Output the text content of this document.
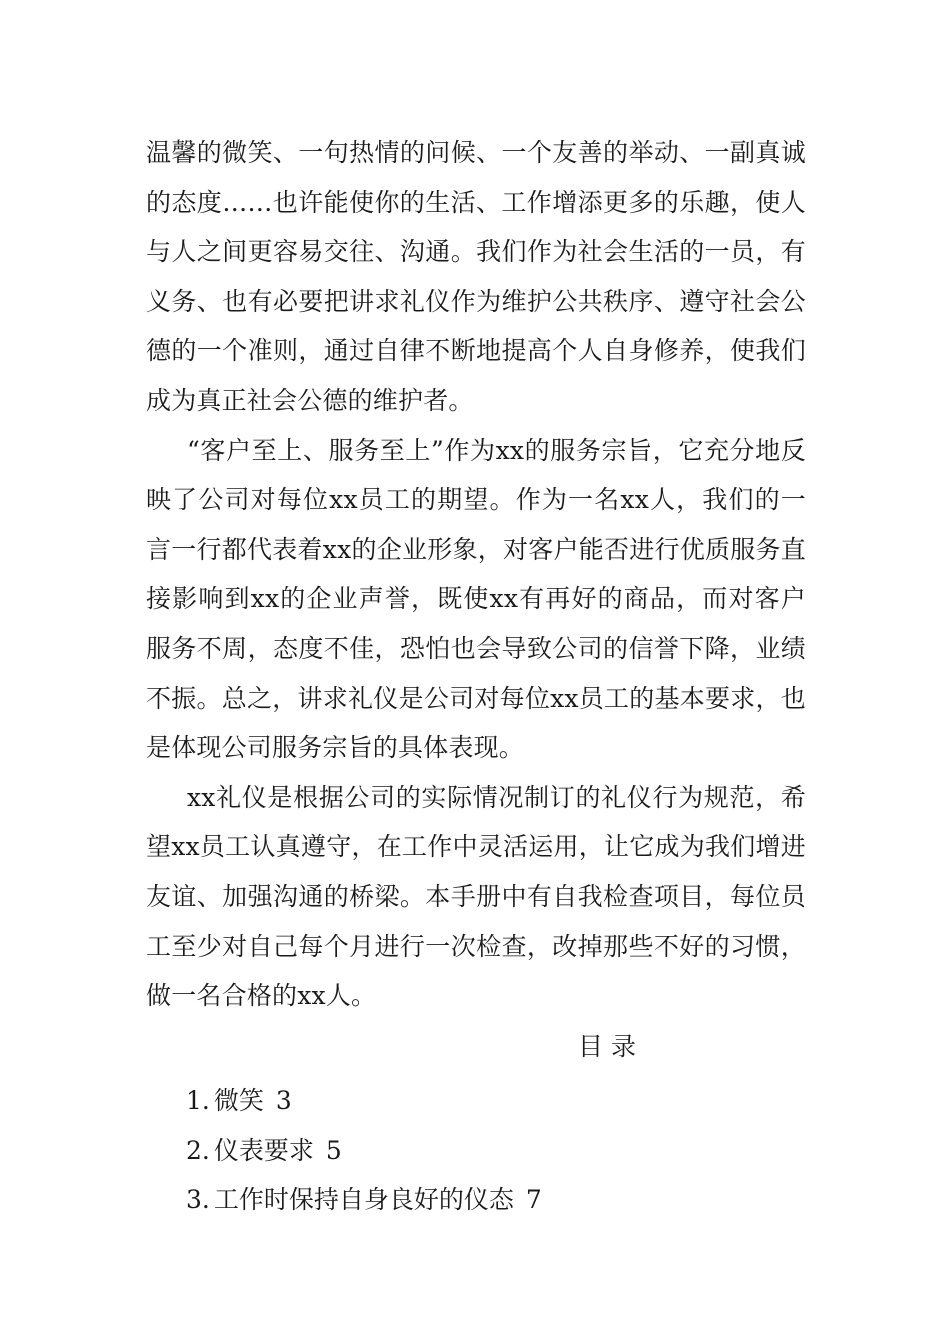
温馨的微笑、一句热情的问候、一个友善的举动、一副真诚的态度……也许能使你的生活、工作增添更多的乐趣，使人与人之间更容易交往、沟通。我们作为社会生活的一员，有义务、也有必要把讲求礼仪作为维护公共秩序、遵守社会公德的一个准则，通过自律不断地提高个人自身修养，使我们成为真正社会公德的维护者。

“客户至上、服务至上”作为xx的服务宗旨，它充分地反映了公司对每位xx员工的期望。作为一名xx人，我们的一言一行都代表着xx的企业形象，对客户能否进行优质服务直接影响到xx的企业声誉，既使xx有再好的商品，而对客户服务不周，态度不佳，恐怕也会导致公司的信誉下降，业绩不振。总之，讲求礼仪是公司对每位xx员工的基本要求，也是体现公司服务宗旨的具体表现。

xx礼仪是根据公司的实际情况制订的礼仪行为规范，希望xx员工认真遵守，在工作中灵活运用，让它成为我们增进友谊、加强沟通的桥梁。本手册中有自我检查项目，每位员工至少对自己每个月进行一次检查，改掉那些不好的习惯，做一名合格的xx人。

目 录
1. 微笑 3
2. 仪表要求 5
3. 工作时保持自身良好的仪态 7
